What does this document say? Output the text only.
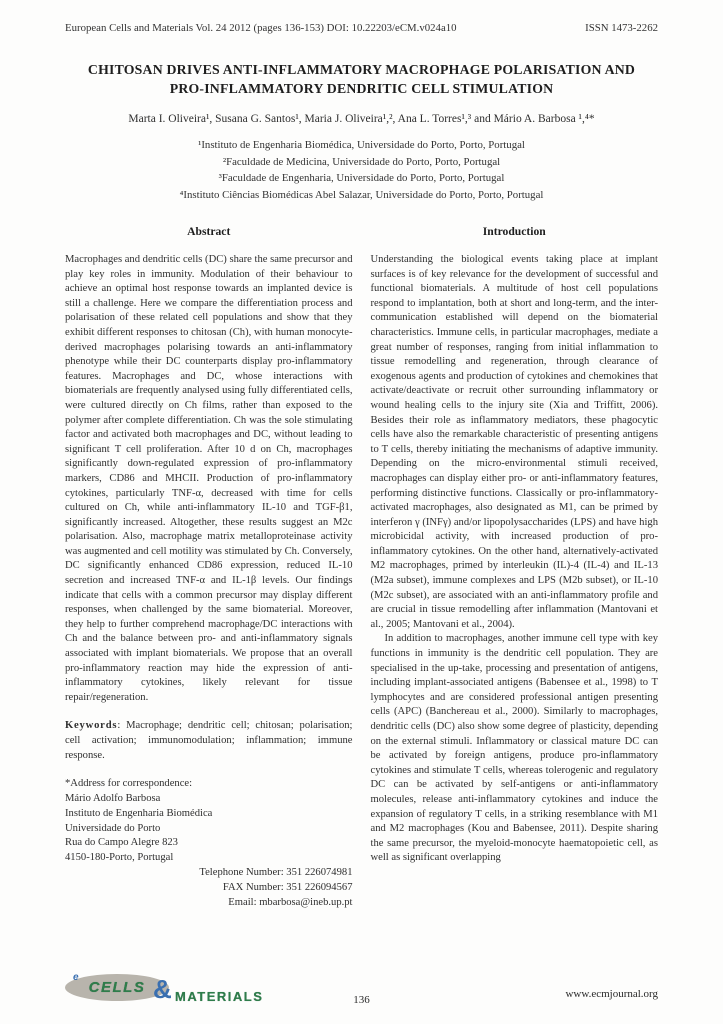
European Cells and Materials Vol. 24 2012 (pages 136-153) DOI: 10.22203/eCM.v024a10	ISSN 1473-2262
CHITOSAN DRIVES ANTI-INFLAMMATORY MACROPHAGE POLARISATION AND
PRO-INFLAMMATORY DENDRITIC CELL STIMULATION
Marta I. Oliveira¹, Susana G. Santos¹, Maria J. Oliveira¹,², Ana L. Torres¹,³ and Mário A. Barbosa ¹,⁴*
¹Instituto de Engenharia Biomédica, Universidade do Porto, Porto, Portugal
²Faculdade de Medicina, Universidade do Porto, Porto, Portugal
³Faculdade de Engenharia, Universidade do Porto, Porto, Portugal
⁴Instituto Ciências Biomédicas Abel Salazar, Universidade do Porto, Porto, Portugal
Abstract

Macrophages and dendritic cells (DC) share the same precursor and play key roles in immunity. Modulation of their behaviour to achieve an optimal host response towards an implanted device is still a challenge. Here we compare the differentiation process and polarisation of these related cell populations and show that they exhibit different responses to chitosan (Ch), with human monocyte-derived macrophages polarising towards an anti-inflammatory phenotype while their DC counterparts display pro-inflammatory features. Macrophages and DC, whose interactions with biomaterials are frequently analysed using fully differentiated cells, were cultured directly on Ch films, rather than exposed to the polymer after complete differentiation. Ch was the sole stimulating factor and activated both macrophages and DC, without leading to significant T cell proliferation. After 10 d on Ch, macrophages significantly down-regulated expression of pro-inflammatory markers, CD86 and MHCII. Production of pro-inflammatory cytokines, particularly TNF-α, decreased with time for cells cultured on Ch, while anti-inflammatory IL-10 and TGF-β1, significantly increased. Altogether, these results suggest an M2c polarisation. Also, macrophage matrix metalloproteinase activity was augmented and cell motility was stimulated by Ch. Conversely, DC significantly enhanced CD86 expression, reduced IL-10 secretion and increased TNF-α and IL-1β levels. Our findings indicate that cells with a common precursor may display different responses, when challenged by the same biomaterial. Moreover, they help to further comprehend macrophage/DC interactions with Ch and the balance between pro- and anti-inflammatory signals associated with implant biomaterials. We propose that an overall pro-inflammatory reaction may hide the expression of anti-inflammatory cytokines, likely relevant for tissue repair/regeneration.

Keywords: Macrophage; dendritic cell; chitosan; polarisation; cell activation; immunomodulation; inflammation; immune response.

*Address for correspondence:
Mário Adolfo Barbosa
Instituto de Engenharia Biomédica
Universidade do Porto
Rua do Campo Alegre 823
4150-180-Porto, Portugal
Telephone Number: 351 226074981
FAX Number: 351 226094567
Email: mbarbosa@ineb.up.pt
Introduction

Understanding the biological events taking place at implant surfaces is of key relevance for the development of successful and functional biomaterials. A multitude of host cell populations respond to implantation, both at short and long-term, and the inter-communication established will depend on the biomaterial characteristics. Immune cells, in particular macrophages, mediate a great number of responses, ranging from initial inflammation to tissue remodelling and regeneration, through clearance of exogenous agents and production of cytokines and chemokines that activate/deactivate or recruit other surrounding inflammatory or wound healing cells to the injury site (Xia and Triffitt, 2006). Besides their role as inflammatory mediators, these phagocytic cells have also the remarkable characteristic of presenting antigens to T cells, thereby initiating the mechanisms of adaptive immunity. Depending on the micro-environmental stimuli received, macrophages can display either pro- or anti-inflammatory features, performing distinctive functions. Classically or pro-inflammatory-activated macrophages, also designated as M1, can be primed by interferon γ (INFγ) and/or lipopolysaccharides (LPS) and have high microbicidal activity, with increased production of pro-inflammatory cytokines. On the other hand, alternatively-activated M2 macrophages, primed by interleukin (IL)-4 (IL-4) and IL-13 (M2a subset), immune complexes and LPS (M2b subset), or IL-10 (M2c subset), are associated with an anti-inflammatory profile and are crucial in tissue remodelling after inflammation (Mantovani et al., 2005; Mantovani et al., 2004).

In addition to macrophages, another immune cell type with key functions in immunity is the dendritic cell population. They are specialised in the up-take, processing and presentation of antigens, including implant-associated antigens (Babensee et al., 1998) to T lymphocytes and are considered professional antigen presenting cells (APC) (Banchereau et al., 2000). Similarly to macrophages, dendritic cells (DC) also show some degree of plasticity, depending on the external stimuli. Inflammatory or classical mature DC can be activated by foreign antigens, produce pro-inflammatory cytokines and stimulate T cells, whereas tolerogenic and regulatory DC can be activated by self-antigens or anti-inflammatory molecules, release anti-inflammatory cytokines and induce the expansion of regulatory T cells, in a striking resemblance with M1 and M2 macrophages (Kou and Babensee, 2011). Despite sharing the same precursor, the myeloid-monocyte haematopoietic cell, as well as significant overlapping

e
CELLS & MATERIALS	136	www.ecmjournal.org
